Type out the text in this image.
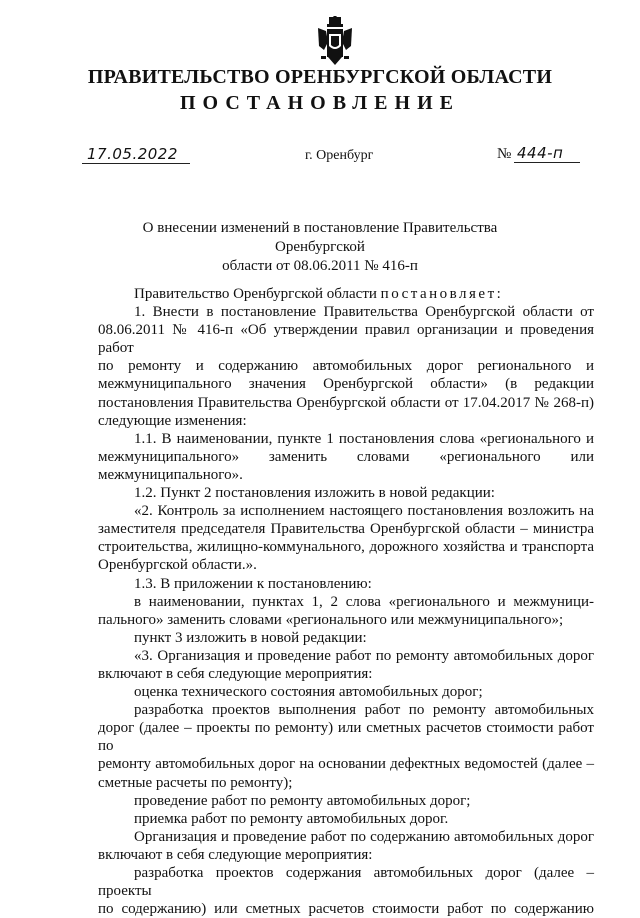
ПРАВИТЕЛЬСТВО ОРЕНБУРГСКОЙ ОБЛАСТИ
ПОСТАНОВЛЕНИЕ
17.05.2022	г. Оренбург	№ 444-п
О внесении изменений в постановление Правительства Оренбургской
области от 08.06.2011 № 416-п

Правительство Оренбургской области постановляет:

1. Внести в постановление Правительства Оренбургской области от
08.06.2011 № 416-п «Об утверждении правил организации и проведения работ
по ремонту и содержанию автомобильных дорог регионального и
межмуниципального значения Оренбургской области» (в редакции
постановления Правительства Оренбургской области от 17.04.2017 № 268-п)
следующие изменения:

1.1. В наименовании, пункте 1 постановления слова «регионального и
межмуниципального» заменить словами «регионального или
межмуниципального».

1.2. Пункт 2 постановления изложить в новой редакции:

«2. Контроль за исполнением настоящего постановления возложить на
заместителя председателя Правительства Оренбургской области – министра
строительства, жилищно-коммунального, дорожного хозяйства и транспорта
Оренбургской области.».

1.3. В приложении к постановлению:

в наименовании, пунктах 1, 2 слова «регионального и межмуници-
пального» заменить словами «регионального или межмуниципального»;

пункт 3 изложить в новой редакции:

«3. Организация и проведение работ по ремонту автомобильных дорог
включают в себя следующие мероприятия:

оценка технического состояния автомобильных дорог;

разработка проектов выполнения работ по ремонту автомобильных
дорог (далее – проекты по ремонту) или сметных расчетов стоимости работ по
ремонту автомобильных дорог на основании дефектных ведомостей (далее –
сметные расчеты по ремонту);

проведение работ по ремонту автомобильных дорог;

приемка работ по ремонту автомобильных дорог.

Организация и проведение работ по содержанию автомобильных дорог
включают в себя следующие мероприятия:

разработка проектов содержания автомобильных дорог (далее – проекты
по содержанию) или сметных расчетов стоимости работ по содержанию
